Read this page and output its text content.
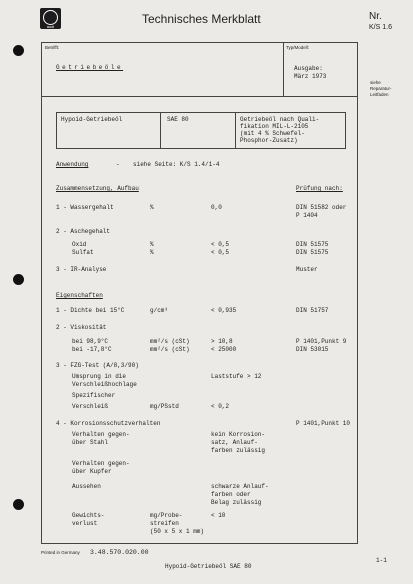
audi
Technisches Merkblatt	Nr.
K/S 1.6
Betrifft:
Getriebeöle
Typ/Modell:
Ausgabe:
März 1973
siehe
Reparatur-
Leitfaden
Hypoid-Getriebeöl	SAE 80	Getriebeöl nach Quali-
fikation MIL-L-2105
(mit 4 % Schwefel-
Phosphor-Zusatz)
Anwendung	- siehe Seite: K/S 1.4/1-4
Zusammensetzung, Aufbau	Prüfung nach:
1 - Wassergehalt	%	0,0	DIN 51582 oder
P 1404
2 - Aschegehalt
Oxid	%	< 0,5	DIN 51575
Sulfat	%	< 0,5	DIN 51575
3 - IR-Analyse	Muster
Eigenschaften
1 - Dichte bei 15°C	g/cm³	< 0,935	DIN 51757
2 - Viskosität
bei 98,9°C	mm²/s (cSt)	> 10,8	P 1401,Punkt 9
bei -17,8°C	mm²/s (cSt)	< 25000	DIN 53015
3 - FZG-Test (A/8,3/90)
Umsprung in die	Laststufe > 12
Verschleißhochlage
Spezifischer
Verschleiß	mg/PSstd	< 0,2
4 - Korrosionsschutzverhalten	P 1401,Punkt 10
Verhalten gegen-	kein Korrosion-
über Stahl	satz, Anlauf-
farben zulässig
Verhalten gegen-
über Kupfer
Aussehen	schwarze Anlauf-
farben oder
Belag zulässig
Gewichts-	mg/Probe-	< 10
verlust	streifen
(50 x 5 x 1 mm)
Printed in Germany 3.48.570.020.00
Hypoid-Getriebeöl SAE 80
1-1
